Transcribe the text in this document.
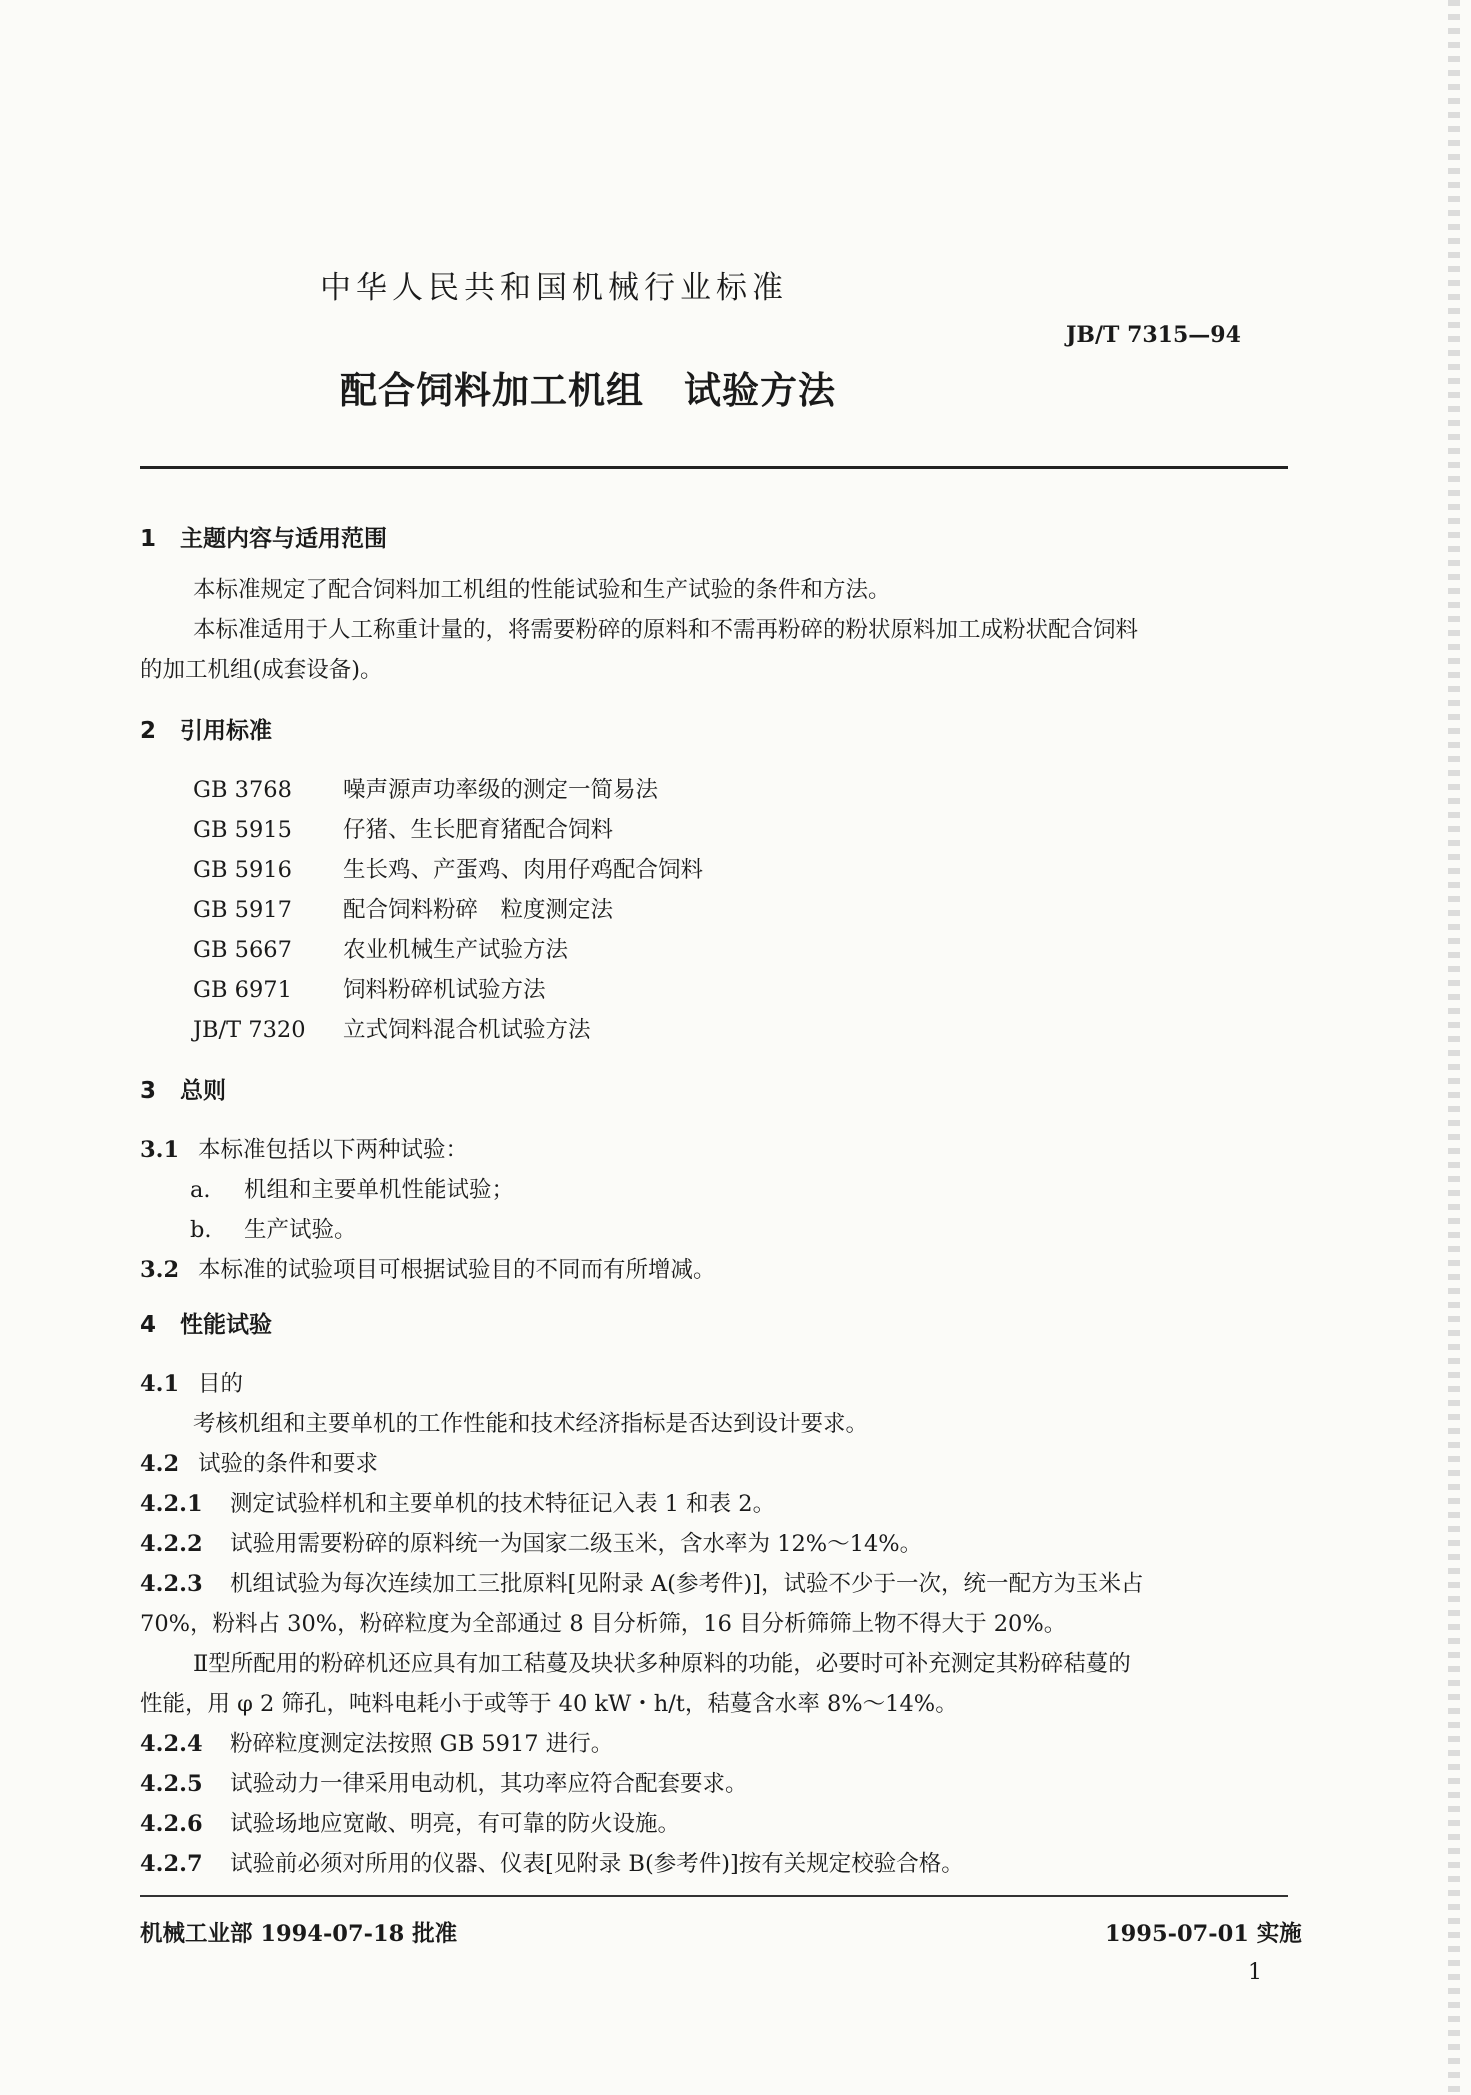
中华人民共和国机械行业标准
JB/T 7315—94
配合饲料加工机组 试验方法
1 主题内容与适用范围
本标准规定了配合饲料加工机组的性能试验和生产试验的条件和方法。
本标准适用于人工称重计量的，将需要粉碎的原料和不需再粉碎的粉状原料加工成粉状配合饲料
的加工机组(成套设备)。
2 引用标准
GB 3768 噪声源声功率级的测定一简易法
GB 5915 仔猪、生长肥育猪配合饲料
GB 5916 生长鸡、产蛋鸡、肉用仔鸡配合饲料
GB 5917 配合饲料粉碎　粒度测定法
GB 5667 农业机械生产试验方法
GB 6971 饲料粉碎机试验方法
JB/T 7320 立式饲料混合机试验方法
3 总则
3.1 本标准包括以下两种试验：
a. 机组和主要单机性能试验；
b. 生产试验。
3.2 本标准的试验项目可根据试验目的不同而有所增减。
4 性能试验
4.1 目的
考核机组和主要单机的工作性能和技术经济指标是否达到设计要求。
4.2 试验的条件和要求
4.2.1 测定试验样机和主要单机的技术特征记入表 1 和表 2。
4.2.2 试验用需要粉碎的原料统一为国家二级玉米，含水率为 12%～14%。
4.2.3 机组试验为每次连续加工三批原料[见附录 A(参考件)]，试验不少于一次，统一配方为玉米占
70%，粉料占 30%，粉碎粒度为全部通过 8 目分析筛，16 目分析筛筛上物不得大于 20%。
Ⅱ型所配用的粉碎机还应具有加工秸蔓及块状多种原料的功能，必要时可补充测定其粉碎秸蔓的
性能，用 φ 2 筛孔，吨料电耗小于或等于 40 kW・h/t，秸蔓含水率 8%～14%。
4.2.4 粉碎粒度测定法按照 GB 5917 进行。
4.2.5 试验动力一律采用电动机，其功率应符合配套要求。
4.2.6 试验场地应宽敞、明亮，有可靠的防火设施。
4.2.7 试验前必须对所用的仪器、仪表[见附录 B(参考件)]按有关规定校验合格。
机械工业部 1994-07-18 批准	1995-07-01 实施
1
